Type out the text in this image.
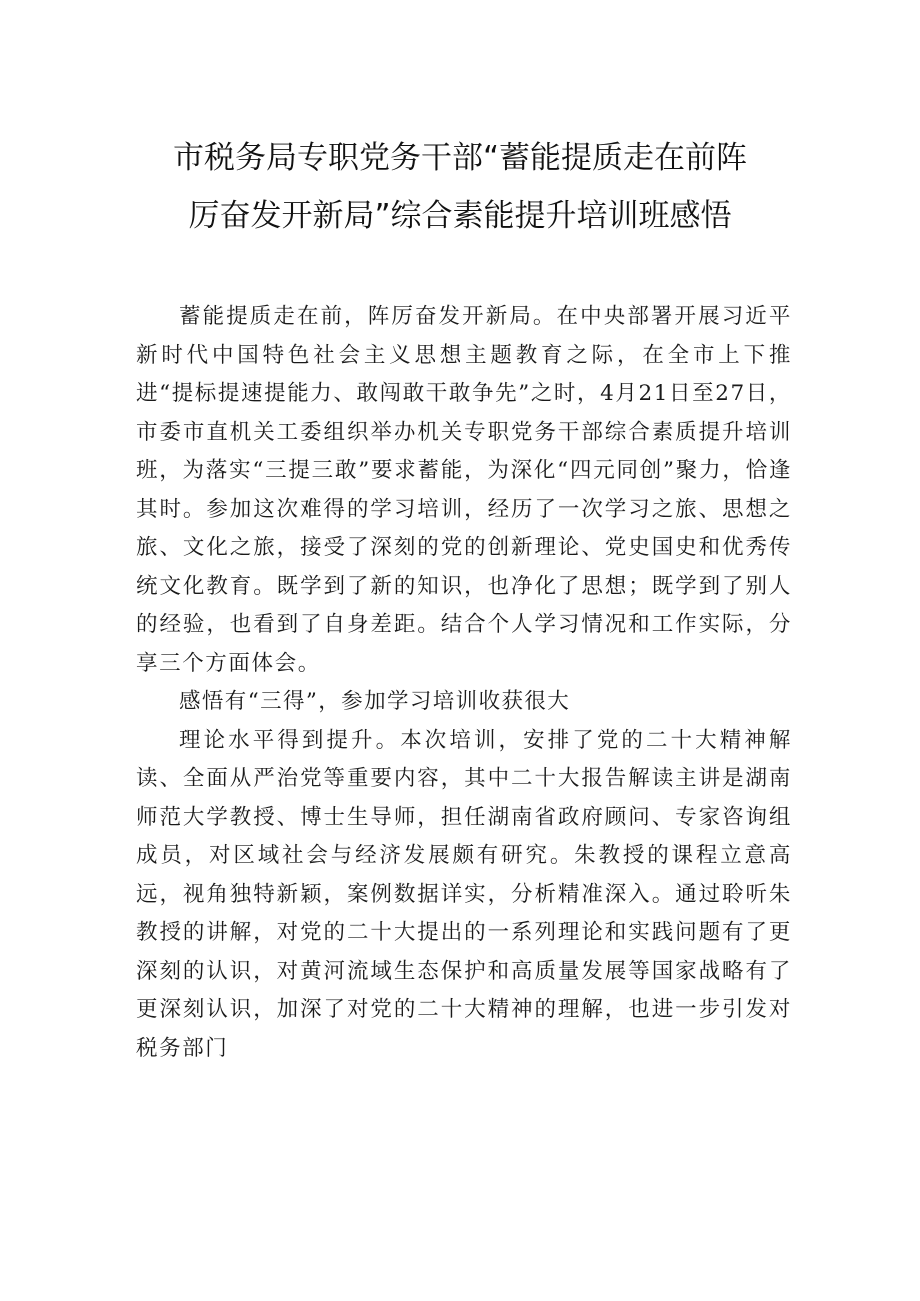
市税务局专职党务干部“蓄能提质走在前阵
厉奋发开新局”综合素能提升培训班感悟

蓄能提质走在前，阵厉奋发开新局。在中央部署开展习近平新时代中国特色社会主义思想主题教育之际，在全市上下推进“提标提速提能力、敢闯敢干敢争先”之时，4月21日至27日，市委市直机关工委组织举办机关专职党务干部综合素质提升培训班，为落实“三提三敢”要求蓄能，为深化“四元同创”聚力，恰逢其时。参加这次难得的学习培训，经历了一次学习之旅、思想之旅、文化之旅，接受了深刻的党的创新理论、党史国史和优秀传统文化教育。既学到了新的知识，也净化了思想；既学到了别人的经验，也看到了自身差距。结合个人学习情况和工作实际，分享三个方面体会。

感悟有“三得”，参加学习培训收获很大

理论水平得到提升。本次培训，安排了党的二十大精神解读、全面从严治党等重要内容，其中二十大报告解读主讲是湖南师范大学教授、博士生导师，担任湖南省政府顾问、专家咨询组成员，对区域社会与经济发展颇有研究。朱教授的课程立意高远，视角独特新颖，案例数据详实，分析精准深入。通过聆听朱教授的讲解，对党的二十大提出的一系列理论和实践问题有了更深刻的认识，对黄河流域生态保护和高质量发展等国家战略有了更深刻认识，加深了对党的二十大精神的理解，也进一步引发对税务部门
